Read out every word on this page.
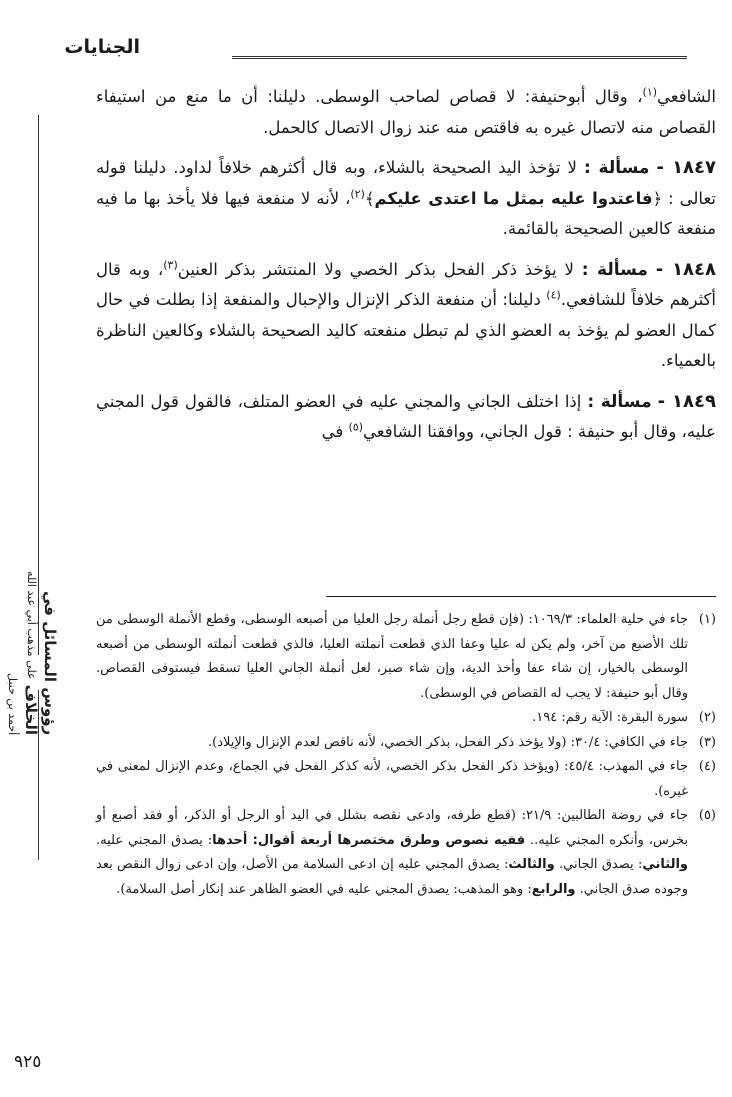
الجنايات
رؤوس المسائل في الخلاف على مذهب أبي عبد الله أحمد بن حنبل

الشافعي$^{(١)}$، وقال أبوحنيفة: لا قصاص لصاحب الوسطى. دليلنا: أن ما منع من استيفاء القصاص منه لاتصال غيره به فاقتص منه عند زوال الاتصال كالحمل.

١٨٤٧ - مسألة : لا تؤخذ اليد الصحيحة بالشلاء، وبه قال أكثرهم خلافاً لداود. دليلنا قوله تعالى : ﴿فاعتدوا عليه بمثل ما اعتدى عليكم﴾$^{(٢)}$، لأنه لا منفعة فيها فلا يأخذ بها ما فيه منفعة كالعين الصحيحة بالقائمة.

١٨٤٨ - مسألة : لا يؤخذ ذكر الفحل بذكر الخصي ولا المنتشر بذكر العنين$^{(٣)}$، وبه قال أكثرهم خلافاً للشافعي.$^{(٤)}$ دليلنا: أن منفعة الذكر الإنزال والإحبال والمنفعة إذا بطلت في حال كمال العضو لم يؤخذ به العضو الذي لم تبطل منفعته كاليد الصحيحة بالشلاء وكالعين الناظرة بالعمياء.

١٨٤٩ - مسألة : إذا اختلف الجاني والمجني عليه في العضو المتلف، فالقول قول المجني عليه، وقال أبو حنيفة : قول الجاني، ووافقنا الشافعي$^{(٥)}$ في

(١)
جاء في حلية العلماء: ١٠٦٩/٣: (فإن قطع رجل أنملة رجل العليا من أصبعه الوسطى، وقطع الأنملة الوسطى من تلك الأصبع من آخر، ولم يكن له عليا وعفا الذي قطعت أنملته العليا، فالذي قطعت أنملته الوسطى من أصبعه الوسطى بالخيار، إن شاء عفا وأخذ الدية، وإن شاء صبر، لعل أنملة الجاني العليا تسقط فيستوفى القصاص. وقال أبو حنيفة: لا يجب له القصاص في الوسطى).

(٢)
سورة البقرة: الآية رقم: ١٩٤.

(٣)
جاء في الكافي: ٣٠/٤: (ولا يؤخذ ذكر الفحل، بذكر الخصي، لأنه ناقص لعدم الإنزال والإيلاد).

(٤)
جاء في المهذب: ٤٥/٤: (ويؤخذ ذكر الفحل بذكر الخصي، لأنه كذكر الفحل في الجماع، وعدم الإنزال لمعنى في غيره).

(٥)
جاء في روضة الطالبين: ٢١/٩: (قطع طرفه، وادعى نقصه بشلل في اليد أو الرجل أو الذكر، أو فقد أصبع أو بخرس، وأنكره المجني عليه.. ففيه نصوص وطرق مختصرها أربعة أقوال: أحدها: يصدق المجني عليه. والثاني: يصدق الجاني. والثالث: يصدق المجني عليه إن ادعى السلامة من الأصل، وإن ادعى زوال النقص بعد وجوده صدق الجاني. والرابع: وهو المذهب: يصدق المجني عليه في العضو الظاهر عند إنكار أصل السلامة).

٩٢٥
